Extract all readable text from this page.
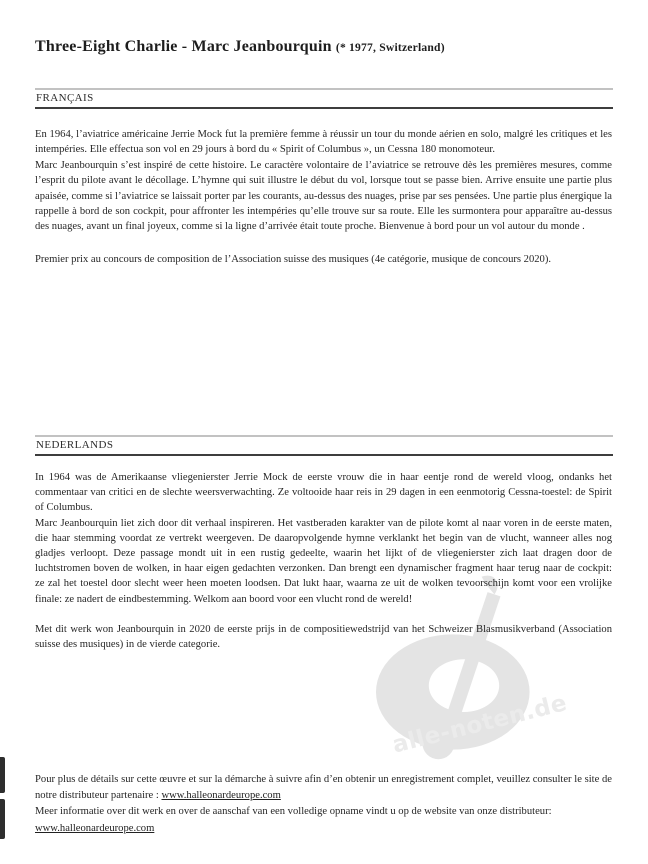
alle-noten.de
Three-Eight Charlie - Marc Jeanbourquin (* 1977, Switzerland)
FRANÇAIS

En 1964, l’aviatrice américaine Jerrie Mock fut la première femme à réussir un tour du monde aérien en solo, malgré les critiques et les intempéries. Elle effectua son vol en 29 jours à bord du « Spirit of Columbus », un Cessna 180 monomoteur.

Marc Jeanbourquin s’est inspiré de cette histoire. Le caractère volontaire de l’aviatrice se retrouve dès les premières mesures, comme l’esprit du pilote avant le décollage. L’hymne qui suit illustre le début du vol, lorsque tout se passe bien. Arrive ensuite une partie plus apaisée, comme si l’aviatrice se laissait porter par les courants, au-dessus des nuages, prise par ses pensées. Une partie plus énergique la rappelle à bord de son cockpit, pour affronter les intempéries qu’elle trouve sur sa route. Elle les surmontera pour apparaître au-dessus des nuages, avant un final joyeux, comme si la ligne d’arrivée était toute proche. Bienvenue à bord pour un vol autour du monde .

Premier prix au concours de composition de l’Association suisse des musiques (4e catégorie, musique de concours 2020).

NEDERLANDS

In 1964 was de Amerikaanse vliegenierster Jerrie Mock de eerste vrouw die in haar eentje rond de wereld vloog, ondanks het commentaar van critici en de slechte weersverwachting. Ze voltooide haar reis in 29 dagen in een eenmotorig Cessna-toestel: de Spirit of Columbus.

Marc Jeanbourquin liet zich door dit verhaal inspireren. Het vastberaden karakter van de pilote komt al naar voren in de eerste maten, die haar stemming voordat ze vertrekt weergeven. De daaropvolgende hymne verklankt het begin van de vlucht, wanneer alles nog gladjes verloopt. Deze passage mondt uit in een rustig gedeelte, waarin het lijkt of de vliegenierster zich laat dragen door de luchtstromen boven de wolken, in haar eigen gedachten verzonken. Dan brengt een dynamischer fragment haar terug naar de cockpit: ze zal het toestel door slecht weer heen moeten loodsen. Dat lukt haar, waarna ze uit de wolken tevoorschijn komt voor een vrolijke finale: ze nadert de eindbestemming. Welkom aan boord voor een vlucht rond de wereld!

Met dit werk won Jeanbourquin in 2020 de eerste prijs in de compositiewedstrijd van het Schweizer Blasmusikverband (Association suisse des musiques) in de vierde categorie.

Pour plus de détails sur cette œuvre et sur la démarche à suivre afin d’en obtenir un enregistrement complet, veuillez consulter le site de notre distributeur partenaire : www.halleonardeurope.com

Meer informatie over dit werk en over de aanschaf van een volledige opname vindt u op de website van onze distributeur:

www.halleonardeurope.com
